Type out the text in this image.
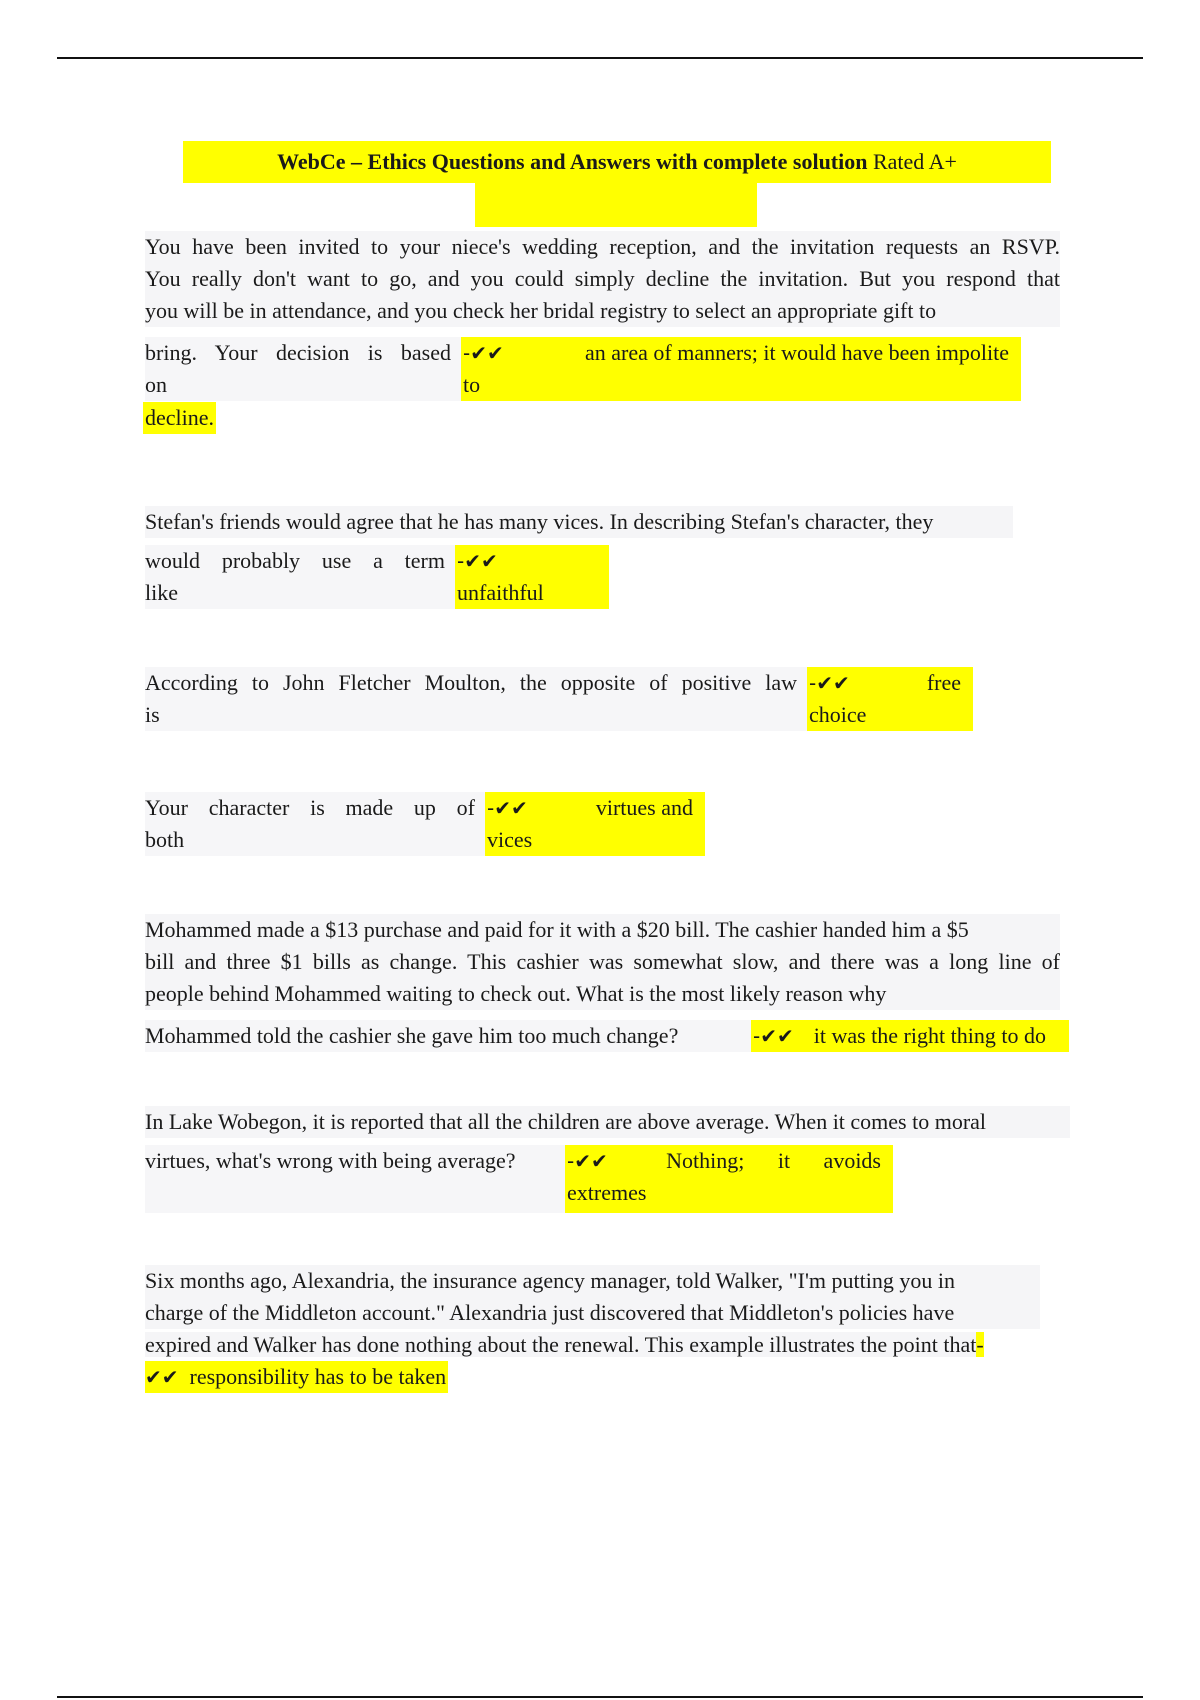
WebCe – Ethics Questions and Answers with complete solution Rated A+
You have been invited to your niece's wedding reception, and the invitation requests an RSVP.
You really don't want to go, and you could simply decline the invitation. But you respond that
you will be in attendance, and you check her bridal registry to select an appropriate gift to
bring. Your decision is based
on
-✔✔	an area of manners; it would have been impolite
to
decline.
Stefan's friends would agree that he has many vices. In describing Stefan's character, they
would probably use a term
like
-✔✔
unfaithful
According to John Fletcher Moulton, the opposite of positive law
is
-✔✔	free
choice
Your character is made up of
both
-✔✔	virtues and
vices
Mohammed made a $13 purchase and paid for it with a $20 bill. The cashier handed him a $5
bill and three $1 bills as change. This cashier was somewhat slow, and there was a long line of
people behind Mohammed waiting to check out. What is the most likely reason why
Mohammed told the cashier she gave him too much change?	-✔✔ it was the right thing to do
In Lake Wobegon, it is reported that all the children are above average. When it comes to moral
virtues, what's wrong with being average?	-✔✔	Nothing; it avoids
extremes
Six months ago, Alexandria, the insurance agency manager, told Walker, "I'm putting you in
charge of the Middleton account." Alexandria just discovered that Middleton's policies have
expired and Walker has done nothing about the renewal. This example illustrates the point that-
✔✔ responsibility has to be taken
